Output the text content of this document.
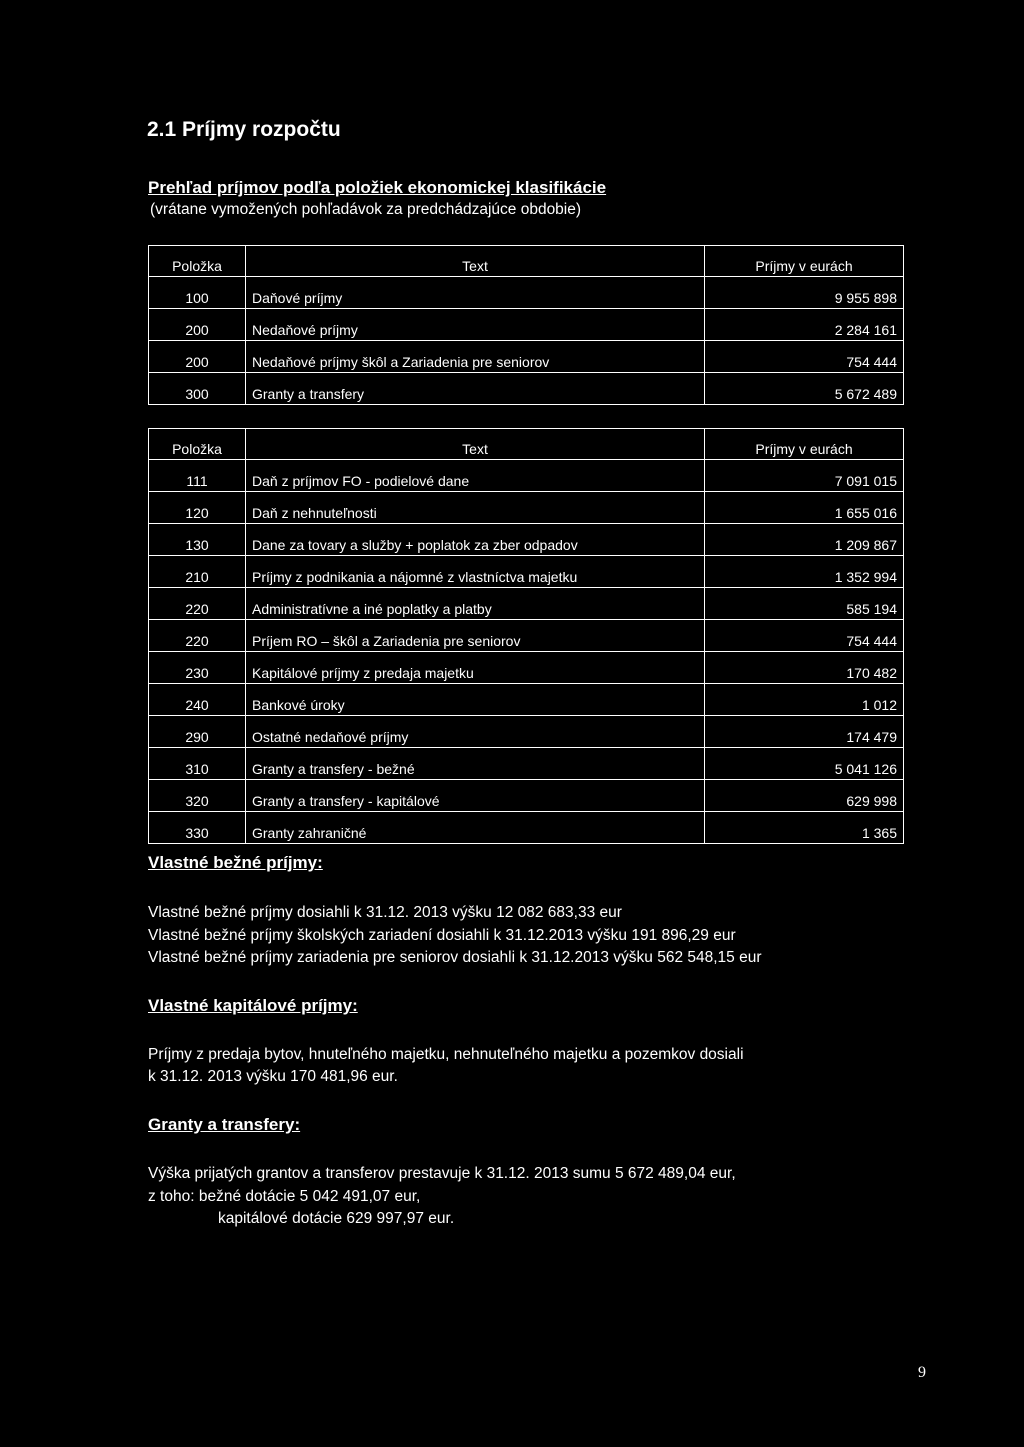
2.1 Príjmy rozpočtu

Prehľad príjmov podľa položiek ekonomickej klasifikácie

(vrátane vymožených pohľadávok za predchádzajúce obdobie)

Položka	Text	Príjmy v eurách
100	Daňové príjmy	9 955 898
200	Nedaňové príjmy	2 284 161
200	Nedaňové príjmy škôl a Zariadenia pre seniorov	754 444
300	Granty a transfery	5 672 489
Položka	Text	Príjmy v eurách
111	Daň z príjmov FO - podielové dane	7 091 015
120	Daň z nehnuteľnosti	1 655 016
130	Dane za tovary a služby + poplatok za zber odpadov	1 209 867
210	Príjmy z podnikania a nájomné z vlastníctva majetku	1 352 994
220	Administratívne a iné poplatky a platby	585 194
220	Príjem RO – škôl a Zariadenia pre seniorov	754 444
230	Kapitálové príjmy z predaja majetku	170 482
240	Bankové úroky	1 012
290	Ostatné nedaňové príjmy	174 479
310	Granty a transfery - bežné	5 041 126
320	Granty a transfery - kapitálové	629 998
330	Granty zahraničné	1 365

Vlastné bežné príjmy:

Vlastné bežné príjmy dosiahli k 31.12. 2013 výšku 12 082 683,33 eur

Vlastné bežné príjmy školských zariadení dosiahli k 31.12.2013 výšku 191 896,29 eur

Vlastné bežné príjmy zariadenia pre seniorov dosiahli k 31.12.2013 výšku 562 548,15 eur

Vlastné kapitálové príjmy:

Príjmy z predaja bytov, hnuteľného majetku, nehnuteľného majetku a pozemkov dosiali

k 31.12. 2013 výšku 170 481,96 eur.

Granty a transfery:

Výška prijatých grantov a transferov prestavuje k 31.12. 2013 sumu 5 672 489,04 eur,

z toho: bežné dotácie 5 042 491,07 eur,

kapitálové dotácie 629 997,97 eur.

9
